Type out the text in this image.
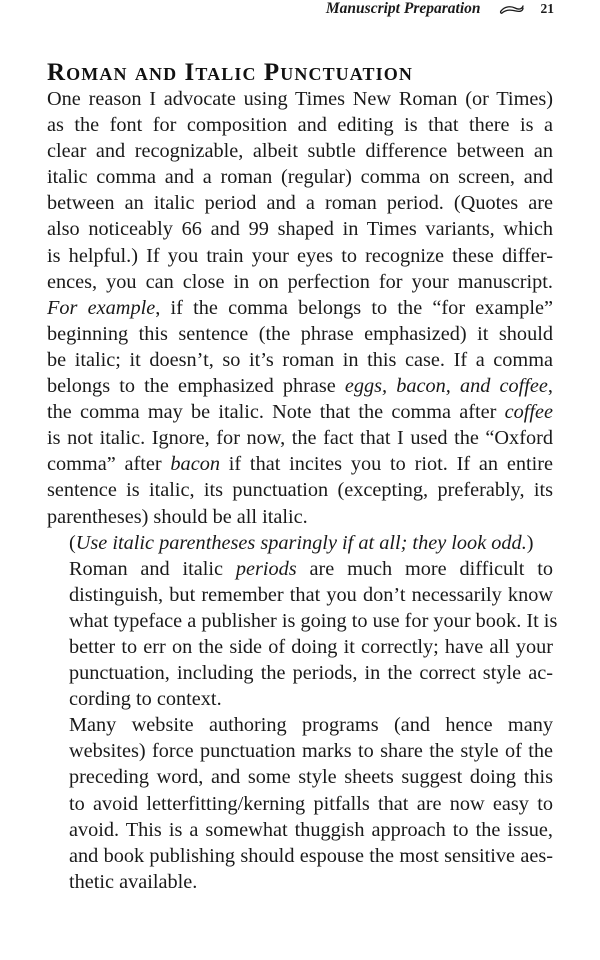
Manuscript Preparation	21
Roman and Italic Punctuation

One reason I advocate using Times New Roman (or Times)
as the font for composition and editing is that there is a
clear and recognizable, albeit subtle difference between an
italic comma and a roman (regular) comma on screen, and
between an italic period and a roman period. (Quotes are
also noticeably 66 and 99 shaped in Times variants, which
is helpful.) If you train your eyes to recognize these differ-
ences, you can close in on perfection for your manuscript.
For example, if the comma belongs to the “for example”
beginning this sentence (the phrase emphasized) it should
be italic; it doesn’t, so it’s roman in this case. If a comma
belongs to the emphasized phrase eggs, bacon, and coffee,
the comma may be italic. Note that the comma after coffee
is not italic. Ignore, for now, the fact that I used the “Oxford
comma” after bacon if that incites you to riot. If an entire
sentence is italic, its punctuation (excepting, preferably, its
parentheses) should be all italic.

(Use italic parentheses sparingly if at all; they look odd.)

Roman and italic periods are much more difficult to
distinguish, but remember that you don’t necessarily know
what typeface a publisher is going to use for your book. It is
better to err on the side of doing it correctly; have all your
punctuation, including the periods, in the correct style ac-
cording to context.

Many website authoring programs (and hence many
websites) force punctuation marks to share the style of the
preceding word, and some style sheets suggest doing this
to avoid letterfitting/kerning pitfalls that are now easy to
avoid. This is a somewhat thuggish approach to the issue,
and book publishing should espouse the most sensitive aes-
thetic available.
